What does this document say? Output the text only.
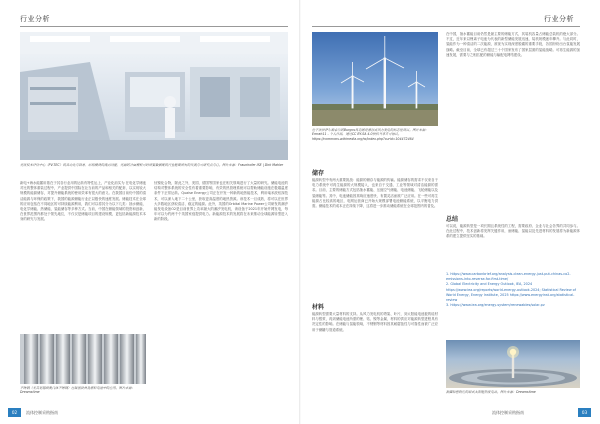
行业分析
光伏技术评估中心（PV-TEC）的自动化与联系，结构模块的流动功能，光源的冷面模机可时所要数据配的行业能量所有的代流与可研究点与总。图片来源：Fraunhofer ISE | Dirk Mahler
新电+海水能蓄用基在于其各行业用的运转有特性运上，产业化前实为 在电化学储池对比的整体重装过程中，产业提供中国际在社当前的产品和相关的配套，以实现较大规模的能源储存，对提升储能系统的使用效率有很大的意义。在我国目前仍中国的清洁能源与环保的政策下，我国的能源储能行业正以极快的速度发展。储能技术在全球的应用包括在不同地区的可持续能源利用，我们可以将其分为以下几类：抽水储能、电化学储能、热储能、氢能储存等多种方式。当前，中国在储能领域的投资和创新，在世界范围内都处于领先地位，不仅仅是储能项目的建设规模，更包括新能源技术本身的研究与发展。
钛镍化合物，除此之外，美国、德国等国家也在相关领域进行了大量的研究。储能电池的结构对整体系统的安全性有着重要影响，有效的热管理系统可以帮助储能设施在极端温度条件下正常运转。Quaise Energy公司正在开发一种新的地热能技术，利用毫米波钻探技术，可以深入地下二十公里，获取更高温度的地热资源。该技术一旦成熟，将可以在世界大多数地区获取清洁、稳定的能源。此外，英国的Orbital Marine Power公司研发的潮汐能发电设备O2是目前世界上功率最大的潮汐发电机，该设备于2021年开始并网发电，每年可以为约两千个英国家庭提供电力。新能源技术的发展将在未来推动全球能源转型进入新的阶段。
不锈钢（尤其是超级奥氏体不锈钢）在储氢设备及燃料电池中的应用。图片来源：Dreamstime
02	流体控制采购指南
行业分析
位于法伊萨尔斯泰尔的Burgos风电场是漂浮式风力发电的标志性项目。图片来源：Emrah11 - 个人作品，通过CC BY-SA 4.0授权共享许可协议。https://commons.wikimedia.org/w/index.php?curid=104472464
储存
能源转型中有两大重要挑战：能源的储存与能源的传输。能源储存的需求不仅来自于电力系统中可再生能源的大规模接入，也来自于交通、工业等领域对清洁能源的需求。目前，主要的储能方式包括抽水蓄能、压缩空气储能、电池储能、飞轮储能以及氢储能等。其中，电池储能因其响应速度快、布置灵活而被广泛应用。在一些可再生能源占比较高的地区，电网运营商已开始大规模部署电池储能系统，以平衡电力供需。储能技术的成本正在持续下降，这将进一步推动储能系统在全球范围内的普及。
材料
能源转型需要大量材料的支持。从风力发电机的塔架、叶片，到太阳能电池板的硅材料与银浆，再到储能电池所需的锂、钴、镍等金属，材料的供应对能源转型进程具有决定性的影响。在储能与氢能领域，不锈钢等材料因其耐腐蚀性与可靠性而被广泛应用于储罐与管道系统。
在中国，抽水蓄能目前仍然是最主要的储能方式，其装机容量占储能总装机的绝大部分。不过，近年来以锂离子电池为代表的新型储能发展迅速，装机规模逐年攀升。与此同时，氢能作为一种清洁的二次能源，被视为实现深度脱碳的重要手段，各国纷纷出台氢能发展战略。截至目前，全球已有超过三十个国家发布了国家层面的氢能战略。可再生能源的加速发展，需要与之相匹配的储能与输配电网络建设。
总结
可以说，能源转型是一项长期且系统性的工程，需要政府、企业与社会各界的共同参与。在此过程中，技术创新将发挥关键作用，而储能、氢能以及先进材料的发展将为新能源体系的建立提供坚实的基础。
1. https://www.carbonbrief.org/analysis-clean-energy-just-put-chinas-co2-emissions-into-reverse-for-first-time/
2. Global Electricity and Energy Outlook, IEA, 2024 https://www.iea.org/reports/world-energy-outlook-2024; Statistical Review of World Energy, Energy Institute, 2025 https://www.energyinst.org/statistical-review
3. https://www.iea.org/energy-system/renewables/solar-pv
新疆哈密附近的塔式太阳能热发电站。图片来源：Dreamstime
流体控制采购指南	03
